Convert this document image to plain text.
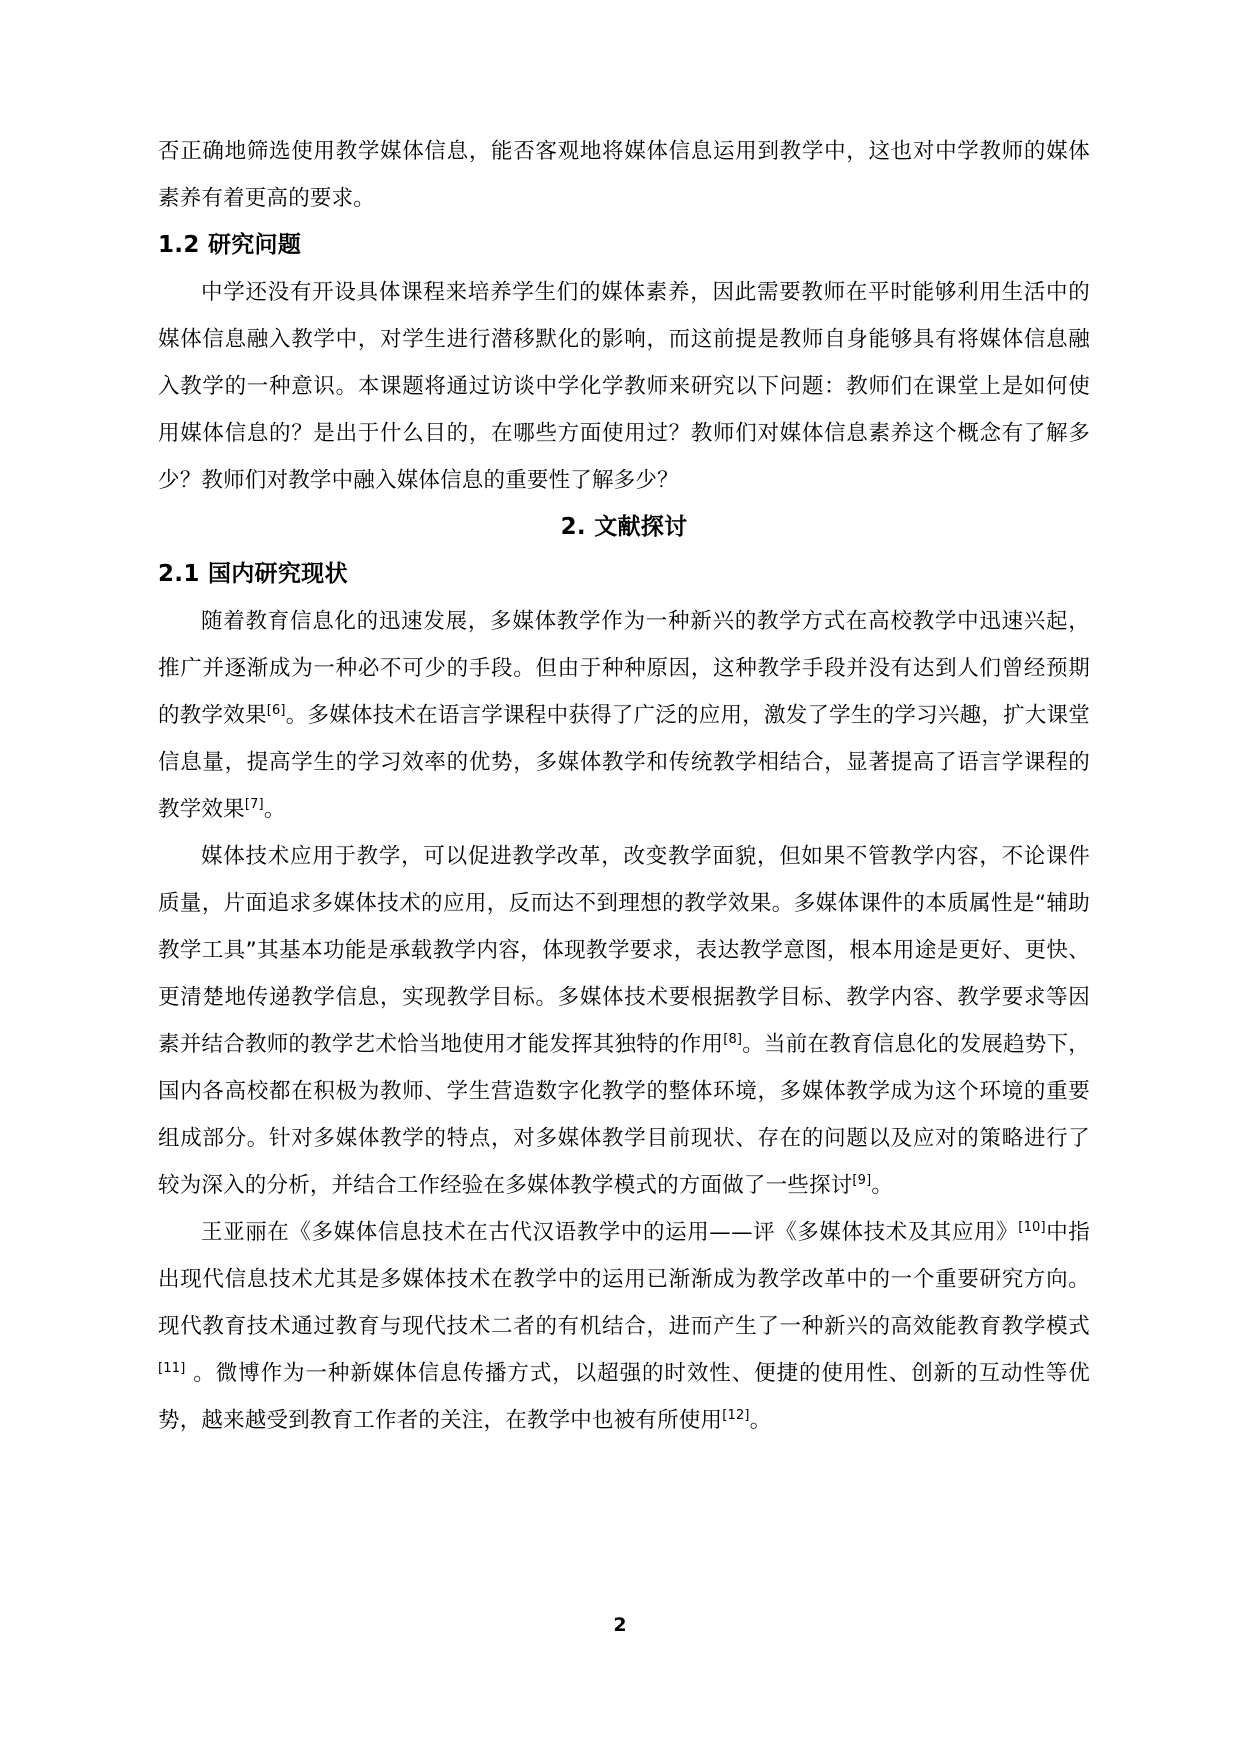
否正确地筛选使用教学媒体信息，能否客观地将媒体信息运用到教学中，这也对中学教师的媒体素养有着更高的要求。

1.2 研究问题

中学还没有开设具体课程来培养学生们的媒体素养，因此需要教师在平时能够利用生活中的媒体信息融入教学中，对学生进行潜移默化的影响，而这前提是教师自身能够具有将媒体信息融入教学的一种意识。本课题将通过访谈中学化学教师来研究以下问题：教师们在课堂上是如何使用媒体信息的？是出于什么目的，在哪些方面使用过？教师们对媒体信息素养这个概念有了解多少？教师们对教学中融入媒体信息的重要性了解多少？

2. 文献探讨
2.1 国内研究现状

随着教育信息化的迅速发展，多媒体教学作为一种新兴的教学方式在高校教学中迅速兴起，推广并逐渐成为一种必不可少的手段。但由于种种原因，这种教学手段并没有达到人们曾经预期的教学效果[6]。多媒体技术在语言学课程中获得了广泛的应用，激发了学生的学习兴趣，扩大课堂信息量，提高学生的学习效率的优势，多媒体教学和传统教学相结合，显著提高了语言学课程的教学效果[7]。

媒体技术应用于教学，可以促进教学改革，改变教学面貌，但如果不管教学内容，不论课件质量，片面追求多媒体技术的应用，反而达不到理想的教学效果。多媒体课件的本质属性是“辅助教学工具”其基本功能是承载教学内容，体现教学要求，表达教学意图，根本用途是更好、更快、更清楚地传递教学信息，实现教学目标。多媒体技术要根据教学目标、教学内容、教学要求等因素并结合教师的教学艺术恰当地使用才能发挥其独特的作用[8]。当前在教育信息化的发展趋势下，国内各高校都在积极为教师、学生营造数字化教学的整体环境，多媒体教学成为这个环境的重要组成部分。针对多媒体教学的特点，对多媒体教学目前现状、存在的问题以及应对的策略进行了较为深入的分析，并结合工作经验在多媒体教学模式的方面做了一些探讨[9]。

王亚丽在《多媒体信息技术在古代汉语教学中的运用——评《多媒体技术及其应用》[10]中指出现代信息技术尤其是多媒体技术在教学中的运用已渐渐成为教学改革中的一个重要研究方向。现代教育技术通过教育与现代技术二者的有机结合，进而产生了一种新兴的高效能教育教学模式[11] 。微博作为一种新媒体信息传播方式，以超强的时效性、便捷的使用性、创新的互动性等优势，越来越受到教育工作者的关注，在教学中也被有所使用[12]。

2
